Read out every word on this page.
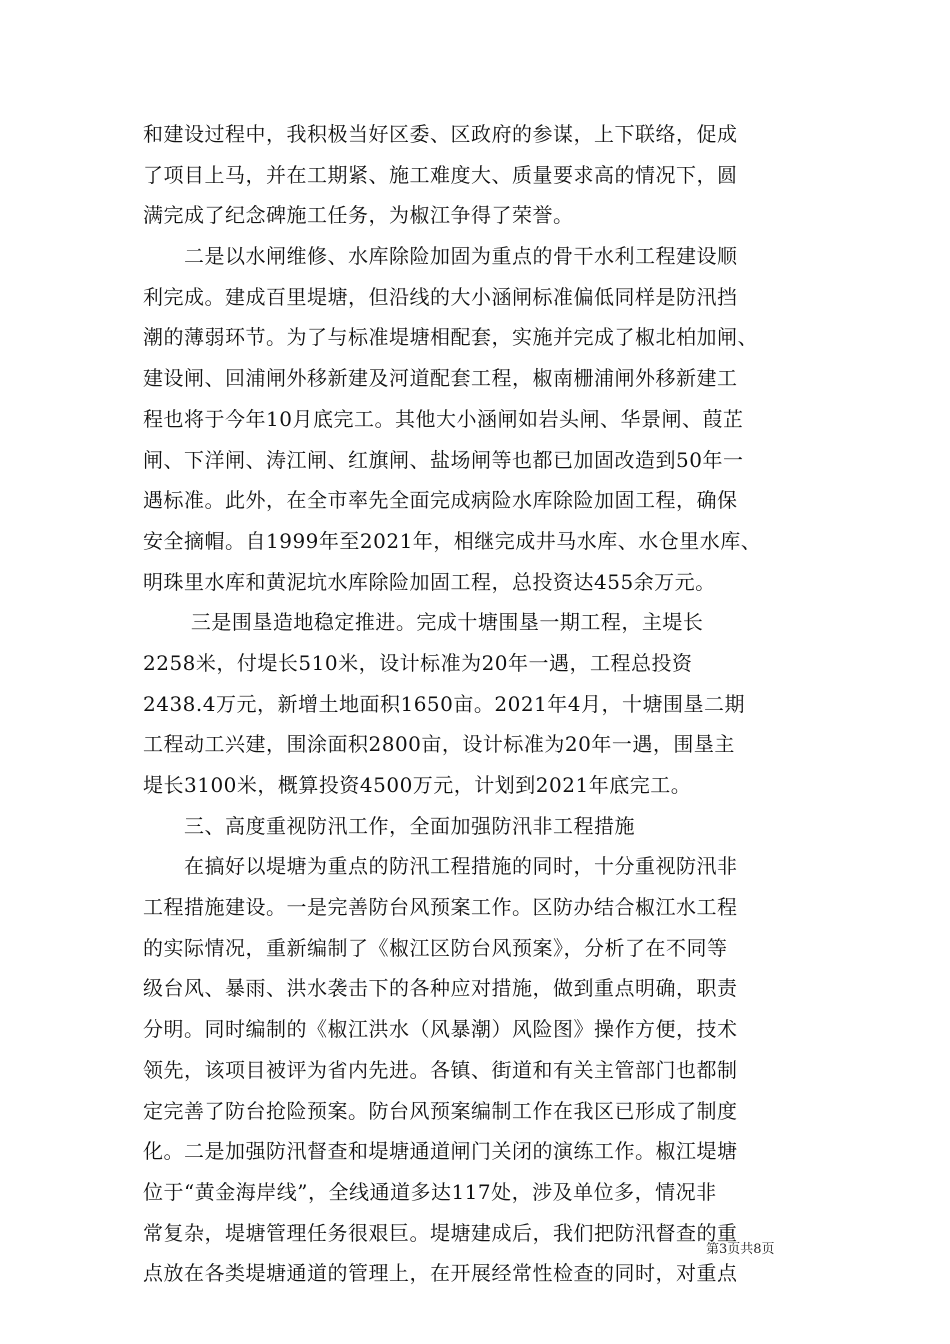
和建设过程中，我积极当好区委、区政府的参谋，上下联络，促成
了项目上马，并在工期紧、施工难度大、质量要求高的情况下，圆
满完成了纪念碑施工任务，为椒江争得了荣誉。
　　二是以水闸维修、水库除险加固为重点的骨干水利工程建设顺
利完成。建成百里堤塘，但沿线的大小涵闸标准偏低同样是防汛挡
潮的薄弱环节。为了与标准堤塘相配套，实施并完成了椒北柏加闸、
建设闸、回浦闸外移新建及河道配套工程，椒南栅浦闸外移新建工
程也将于今年10月底完工。其他大小涵闸如岩头闸、华景闸、葭芷
闸、下洋闸、涛江闸、红旗闸、盐场闸等也都已加固改造到50年一
遇标准。此外，在全市率先全面完成病险水库除险加固工程，确保
安全摘帽。自1999年至2021年，相继完成井马水库、水仓里水库、
明珠里水库和黄泥坑水库除险加固工程，总投资达455余万元。
　　 三是围垦造地稳定推进。完成十塘围垦一期工程，主堤长
2258米，付堤长510米，设计标准为20年一遇，工程总投资
2438.4万元，新增土地面积1650亩。2021年4月，十塘围垦二期
工程动工兴建，围涂面积2800亩，设计标准为20年一遇，围垦主
堤长3100米，概算投资4500万元，计划到2021年底完工。
　　三、高度重视防汛工作，全面加强防汛非工程措施
　　在搞好以堤塘为重点的防汛工程措施的同时，十分重视防汛非
工程措施建设。一是完善防台风预案工作。区防办结合椒江水工程
的实际情况，重新编制了《椒江区防台风预案》，分析了在不同等
级台风、暴雨、洪水袭击下的各种应对措施，做到重点明确，职责
分明。同时编制的《椒江洪水（风暴潮）风险图》操作方便，技术
领先，该项目被评为省内先进。各镇、街道和有关主管部门也都制
定完善了防台抢险预案。防台风预案编制工作在我区已形成了制度
化。二是加强防汛督查和堤塘通道闸门关闭的演练工作。椒江堤塘
位于“黄金海岸线”，全线通道多达117处，涉及单位多，情况非
常复杂，堤塘管理任务很艰巨。堤塘建成后，我们把防汛督查的重
点放在各类堤塘通道的管理上，在开展经常性检查的同时，对重点
第3页共8页
